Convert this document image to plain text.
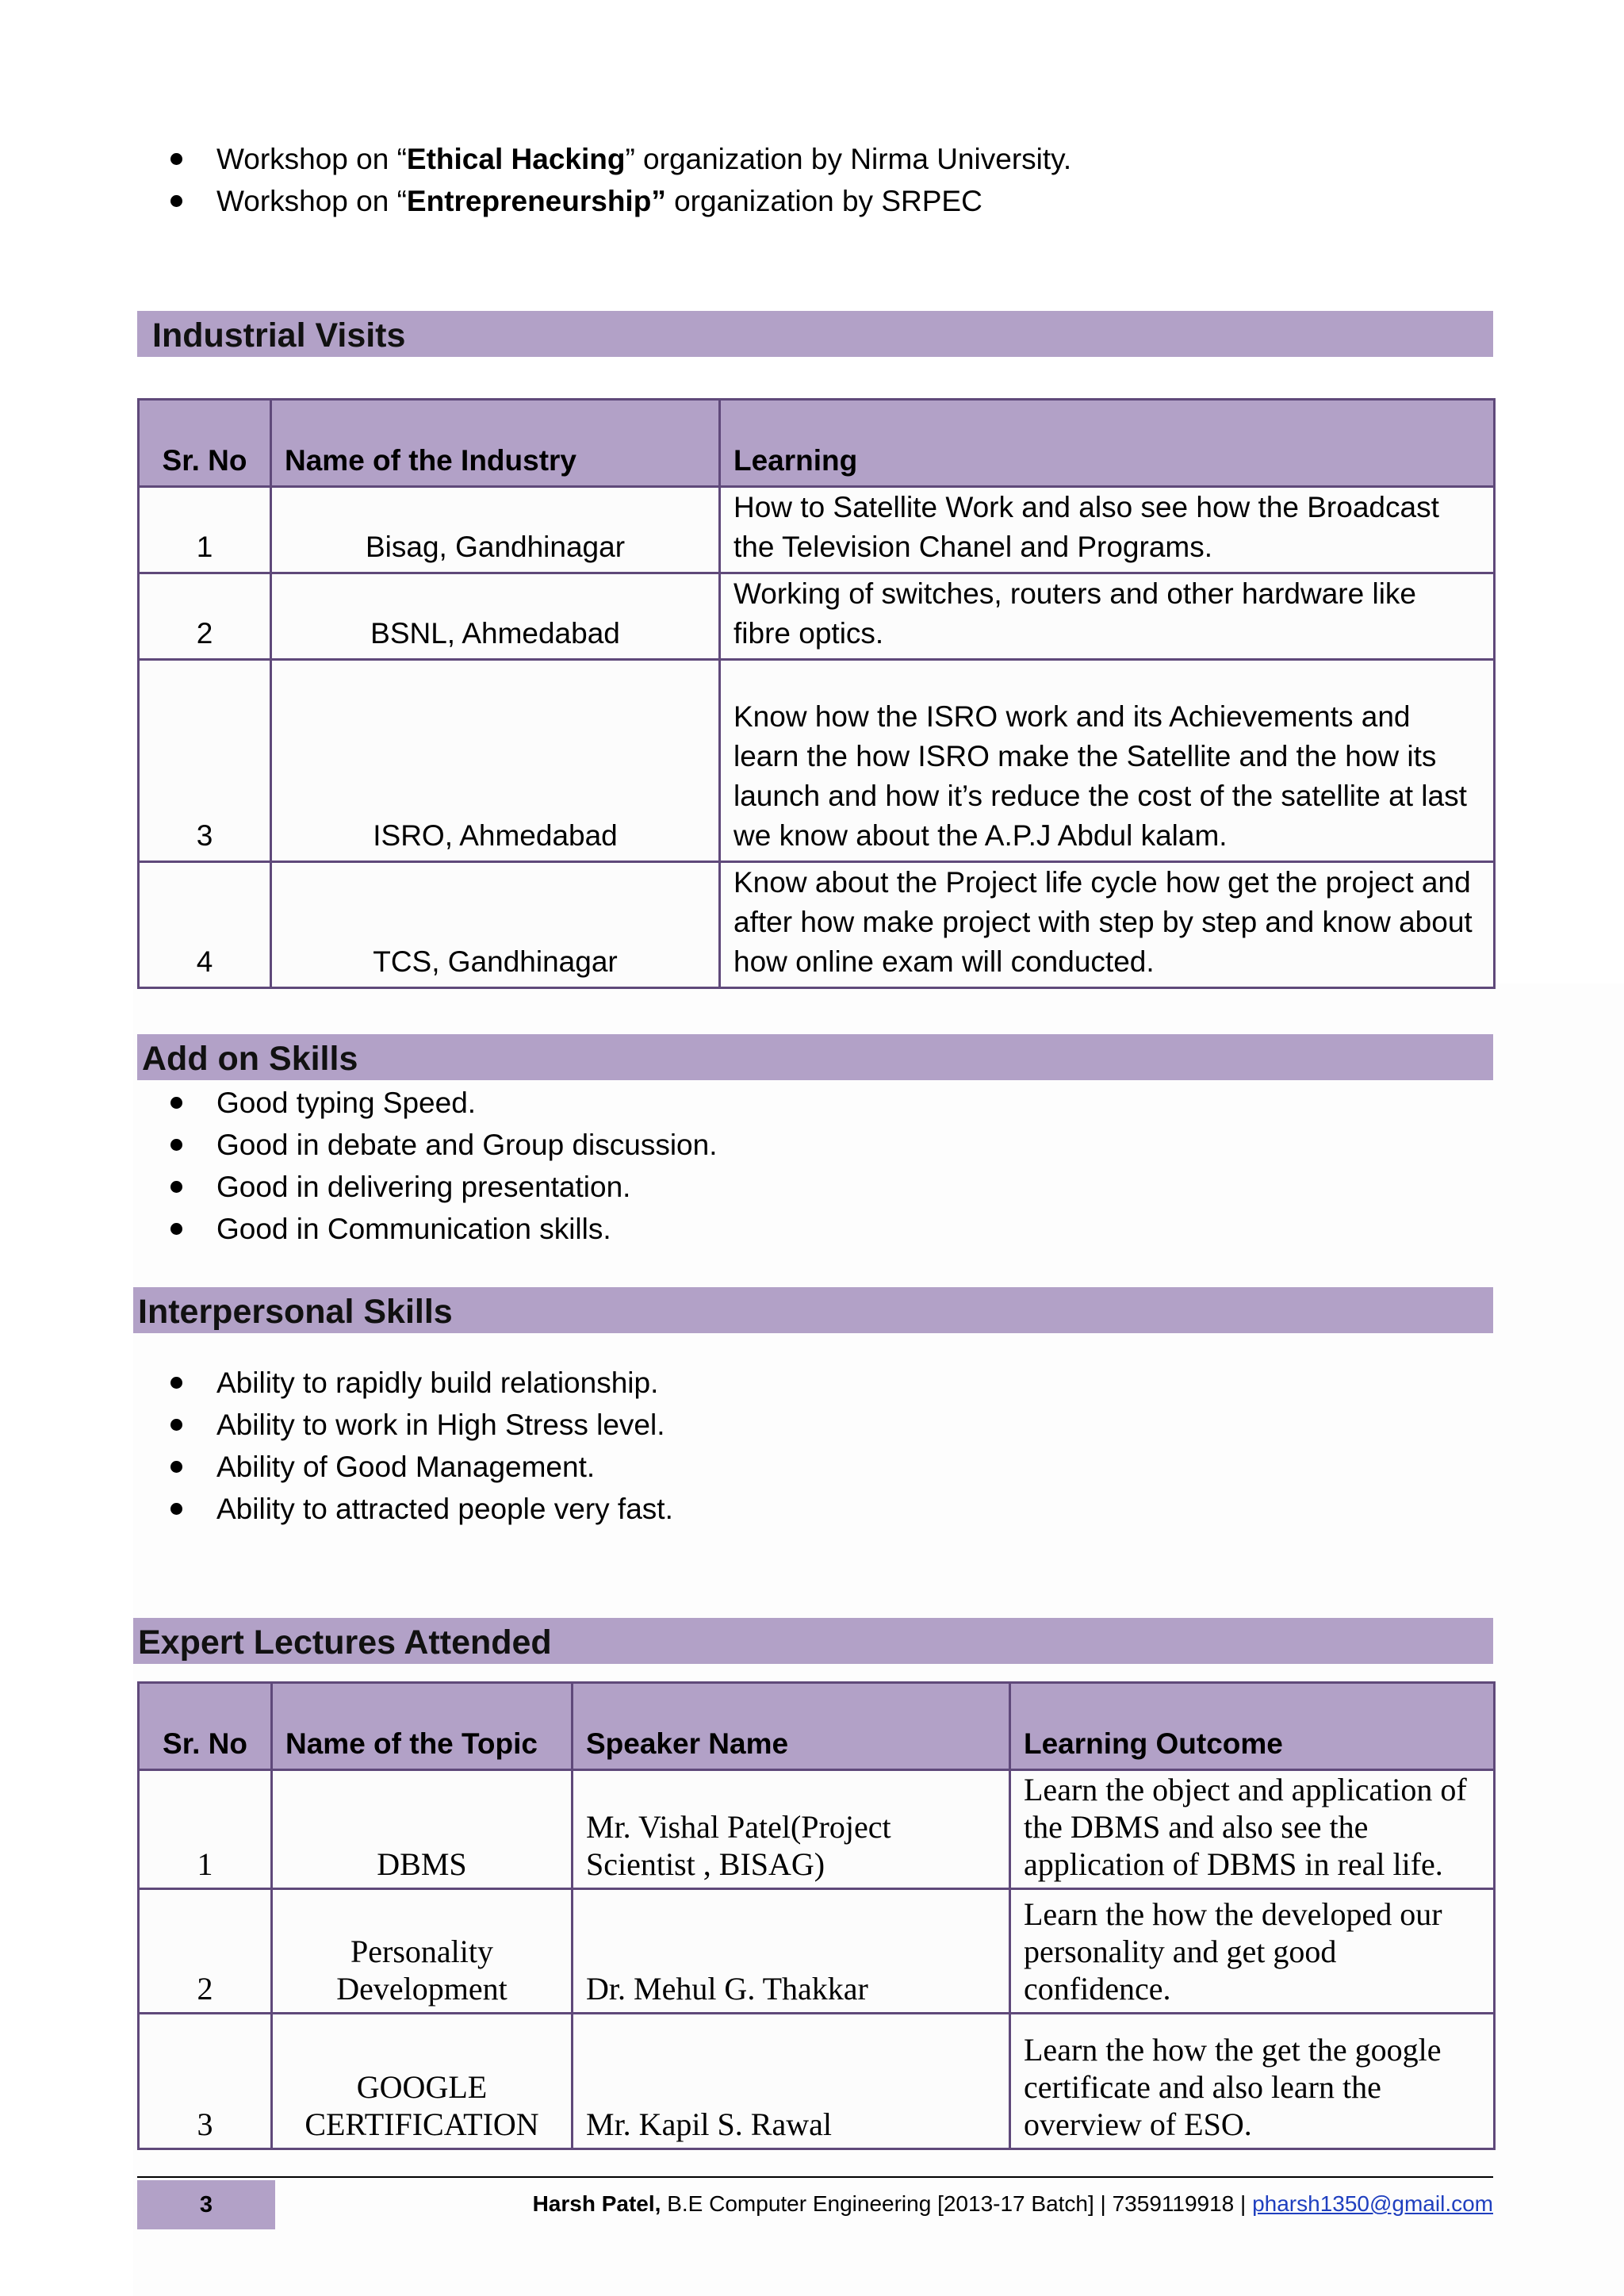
Workshop on “Ethical Hacking” organization by Nirma University.
Workshop on “Entrepreneurship” organization by SRPEC
Industrial Visits
Sr. No	Name of the Industry	Learning
1	Bisag, Gandhinagar	How to Satellite Work and also see how the Broadcast the Television Chanel and Programs.
2	BSNL, Ahmedabad	Working of switches, routers and other hardware like fibre optics.
3	ISRO, Ahmedabad	Know how the ISRO work and its Achievements and learn the how ISRO make the Satellite and the how its launch and how it’s reduce the cost of the satellite at last we know about the A.P.J Abdul kalam.
4	TCS, Gandhinagar	Know about the Project life cycle how get the project and after how make project with step by step and know about how online exam will conducted.
Add on Skills
Good typing Speed.
Good in debate and Group discussion.
Good in delivering presentation.
Good in Communication skills.
Interpersonal Skills
Ability to rapidly build relationship.
Ability to work in High Stress level.
Ability of Good Management.
Ability to attracted people very fast.
Expert Lectures Attended
Sr. No	Name of the Topic	Speaker Name	Learning Outcome
1	DBMS	Mr. Vishal Patel(Project Scientist , BISAG)	Learn the object and application of the DBMS and also see the application of DBMS in real life.
2	Personality Development	Dr. Mehul G. Thakkar	Learn the how the developed our personality and get good confidence.
3	GOOGLE CERTIFICATION	Mr. Kapil S. Rawal	Learn the how the get the google certificate and also learn the overview of ESO.
3	Harsh Patel, B.E Computer Engineering [2013-17 Batch] | 7359119918 | pharsh1350@gmail.com
